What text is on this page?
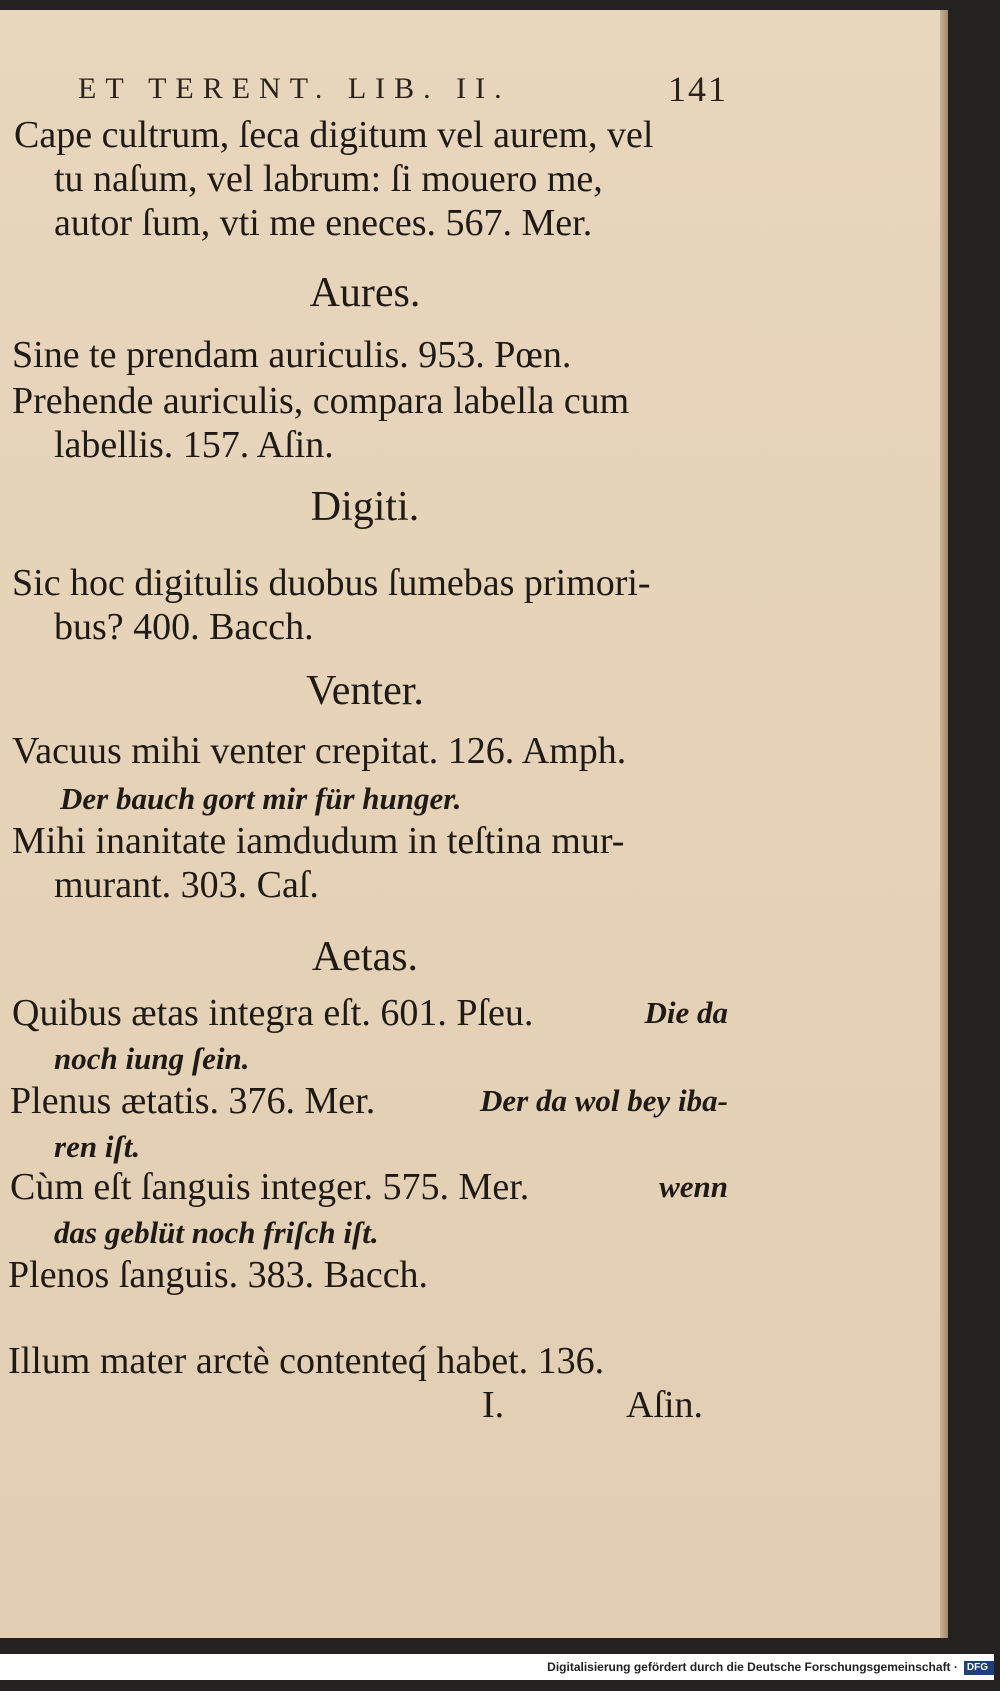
ET TERENT. LIB. II.	141
Cape cultrum, ſeca digitum vel aurem, vel
tu naſum, vel labrum: ſi mouero me,
autor ſum, vti me eneces. 567. Mer.
Aures.
Sine te prendam auriculis. 953. Pœn.
Prehende auriculis, compara labella cum
labellis. 157. Aſin.
Digiti.
Sic hoc digitulis duobus ſumebas primori-
bus? 400. Bacch.
Venter.
Vacuus mihi venter crepitat. 126. Amph.
Der bauch gort mir für hunger.
Mihi inanitate iamdudum in teſtina mur-
murant. 303. Caſ.
Aetas.
Quibus ætas integra eſt. 601. Pſeu.	Die da
noch iung ſein.
Plenus ætatis. 376. Mer.	Der da wol bey iba-
ren iſt.
Cùm eſt ſanguis integer. 575. Mer.	wenn
das geblüt noch friſch iſt.
Plenos ſanguis. 383. Bacch.
Illum mater arctè contenteq́ habet. 136.
I.	Aſin.
Digitalisierung gefördert durch die Deutsche Forschungsgemeinschaft · DFG
